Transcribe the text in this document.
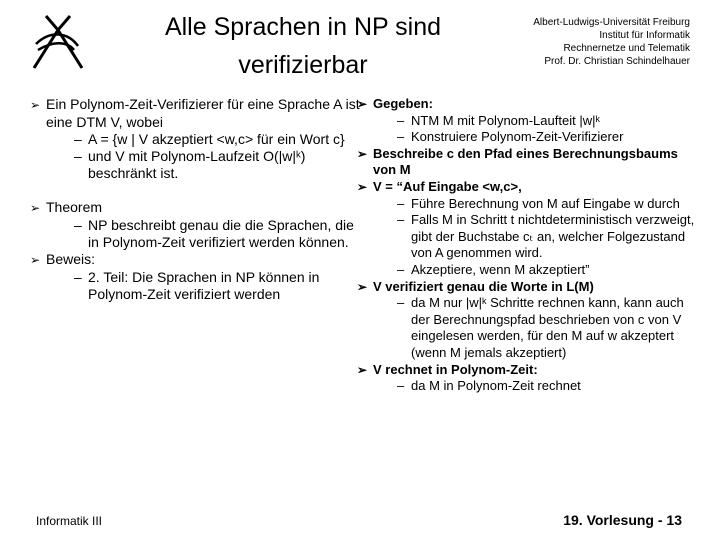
Alle Sprachen in NP sind
verifizierbar
Albert-Ludwigs-Universität Freiburg
Institut für Informatik
Rechnernetze und Telematik
Prof. Dr. Christian Schindelhauer
➢ Ein Polynom-Zeit-Verifizierer für eine Sprache A ist eine DTM V, wobei
– A = {w | V akzeptiert <w,c> für ein Wort c}
– und V mit Polynom-Laufzeit O(|w|ᵏ) beschränkt ist.
➢ Theorem
– NP beschreibt genau die die Sprachen, die in Polynom-Zeit verifiziert werden können.
➢ Beweis:
– 2. Teil: Die Sprachen in NP können in Polynom-Zeit verifiziert werden
➢ Gegeben:
– NTM M mit Polynom-Laufteit |w|ᵏ
– Konstruiere Polynom-Zeit-Verifizierer
➢ Beschreibe c den Pfad eines Berechnungsbaums von M
➢ V = “Auf Eingabe <w,c>,
– Führe Berechnung von M auf Eingabe w durch
– Falls M in Schritt t nichtdeterministisch verzweigt, gibt der Buchstabe cₜ an, welcher Folgezustand von A genommen wird.
– Akzeptiere, wenn M akzeptiert”
➢ V verifiziert genau die Worte in L(M)
– da M nur |w|ᵏ Schritte rechnen kann, kann auch der Berechnungspfad beschrieben von c von V eingelesen werden, für den M auf w akzeptert (wenn M jemals akzeptiert)
➢ V rechnet in Polynom-Zeit:
– da M in Polynom-Zeit rechnet
Informatik III	19. Vorlesung - 13
